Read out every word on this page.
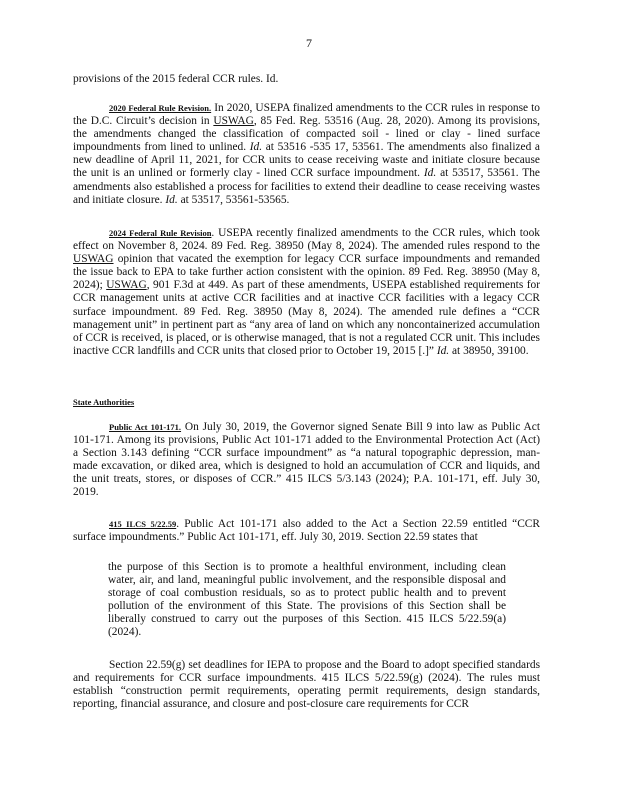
7
provisions of the 2015 federal CCR rules. Id.
2020 Federal Rule Revision. In 2020, USEPA finalized amendments to the CCR rules in response to the D.C. Circuit’s decision in USWAG, 85 Fed. Reg. 53516 (Aug. 28, 2020). Among its provisions, the amendments changed the classification of compacted soil - lined or clay - lined surface impoundments from lined to unlined. Id. at 53516 -535 17, 53561. The amendments also finalized a new deadline of April 11, 2021, for CCR units to cease receiving waste and initiate closure because the unit is an unlined or formerly clay - lined CCR surface impoundment. Id. at 53517, 53561. The amendments also established a process for facilities to extend their deadline to cease receiving wastes and initiate closure. Id. at 53517, 53561-53565.
2024 Federal Rule Revision. USEPA recently finalized amendments to the CCR rules, which took effect on November 8, 2024. 89 Fed. Reg. 38950 (May 8, 2024). The amended rules respond to the USWAG opinion that vacated the exemption for legacy CCR surface impoundments and remanded the issue back to EPA to take further action consistent with the opinion. 89 Fed. Reg. 38950 (May 8, 2024); USWAG, 901 F.3d at 449. As part of these amendments, USEPA established requirements for CCR management units at active CCR facilities and at inactive CCR facilities with a legacy CCR surface impoundment. 89 Fed. Reg. 38950 (May 8, 2024). The amended rule defines a “CCR management unit” in pertinent part as “any area of land on which any noncontainerized accumulation of CCR is received, is placed, or is otherwise managed, that is not a regulated CCR unit. This includes inactive CCR landfills and CCR units that closed prior to October 19, 2015 [.]” Id. at 38950, 39100.
State Authorities
Public Act 101-171. On July 30, 2019, the Governor signed Senate Bill 9 into law as Public Act 101-171. Among its provisions, Public Act 101-171 added to the Environmental Protection Act (Act) a Section 3.143 defining “CCR surface impoundment” as “a natural topographic depression, man-made excavation, or diked area, which is designed to hold an accumulation of CCR and liquids, and the unit treats, stores, or disposes of CCR.” 415 ILCS 5/3.143 (2024); P.A. 101-171, eff. July 30, 2019.
415 ILCS 5/22.59. Public Act 101-171 also added to the Act a Section 22.59 entitled “CCR surface impoundments.” Public Act 101-171, eff. July 30, 2019. Section 22.59 states that
the purpose of this Section is to promote a healthful environment, including clean water, air, and land, meaningful public involvement, and the responsible disposal and storage of coal combustion residuals, so as to protect public health and to prevent pollution of the environment of this State. The provisions of this Section shall be liberally construed to carry out the purposes of this Section. 415 ILCS 5/22.59(a) (2024).
Section 22.59(g) set deadlines for IEPA to propose and the Board to adopt specified standards and requirements for CCR surface impoundments. 415 ILCS 5/22.59(g) (2024). The rules must establish “construction permit requirements, operating permit requirements, design standards, reporting, financial assurance, and closure and post-closure care requirements for CCR
